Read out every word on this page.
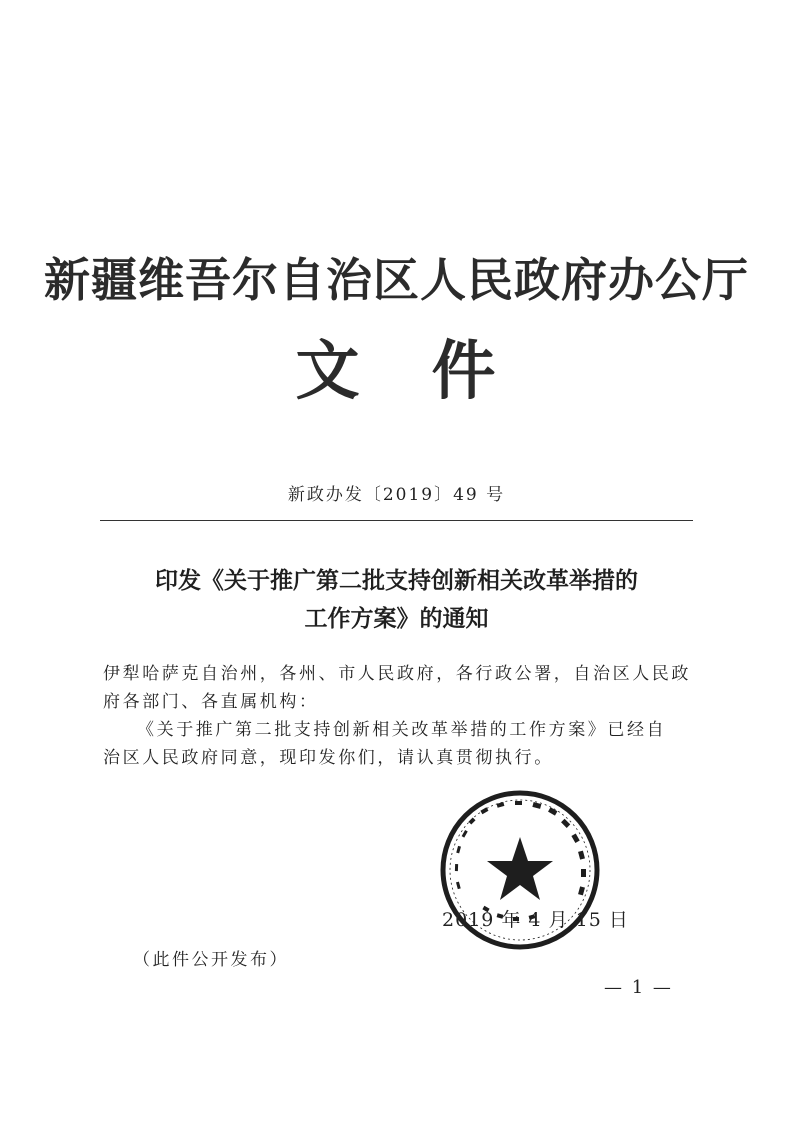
新疆维吾尔自治区人民政府办公厅
文 件
新政办发〔2019〕49 号
印发《关于推广第二批支持创新相关改革举措的
工作方案》的通知
伊犁哈萨克自治州，各州、市人民政府，各行政公署，自治区人民政
府各部门、各直属机构：
《关于推广第二批支持创新相关改革举措的工作方案》已经自
治区人民政府同意，现印发你们，请认真贯彻执行。
2019 年 4 月 15 日
（此件公开发布）
— 1 —
